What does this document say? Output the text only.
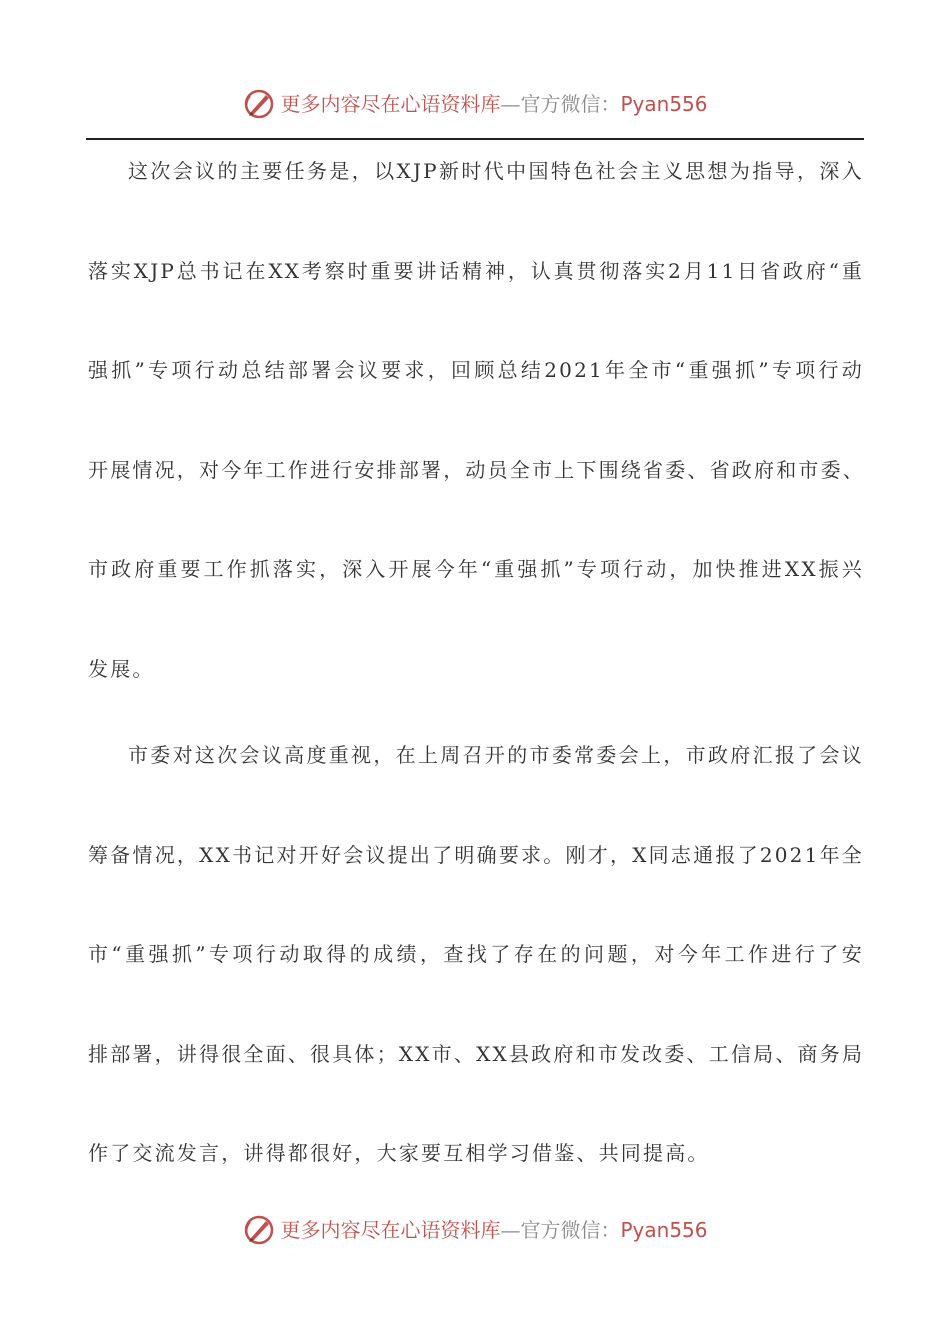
更多内容尽在心语资料库—官方微信：Pyan556
这次会议的主要任务是，以XJP新时代中国特色社会主义思想为指导，深入
落实XJP总书记在XX考察时重要讲话精神，认真贯彻落实2月11日省政府“重
强抓”专项行动总结部署会议要求，回顾总结2021年全市“重强抓”专项行动
开展情况，对今年工作进行安排部署，动员全市上下围绕省委、省政府和市委、
市政府重要工作抓落实，深入开展今年“重强抓”专项行动，加快推进XX振兴
发展。
市委对这次会议高度重视，在上周召开的市委常委会上，市政府汇报了会议
筹备情况，XX书记对开好会议提出了明确要求。刚才，X同志通报了2021年全
市“重强抓”专项行动取得的成绩，查找了存在的问题，对今年工作进行了安
排部署，讲得很全面、很具体；XX市、XX县政府和市发改委、工信局、商务局
作了交流发言，讲得都很好，大家要互相学习借鉴、共同提高。
更多内容尽在心语资料库—官方微信：Pyan556
